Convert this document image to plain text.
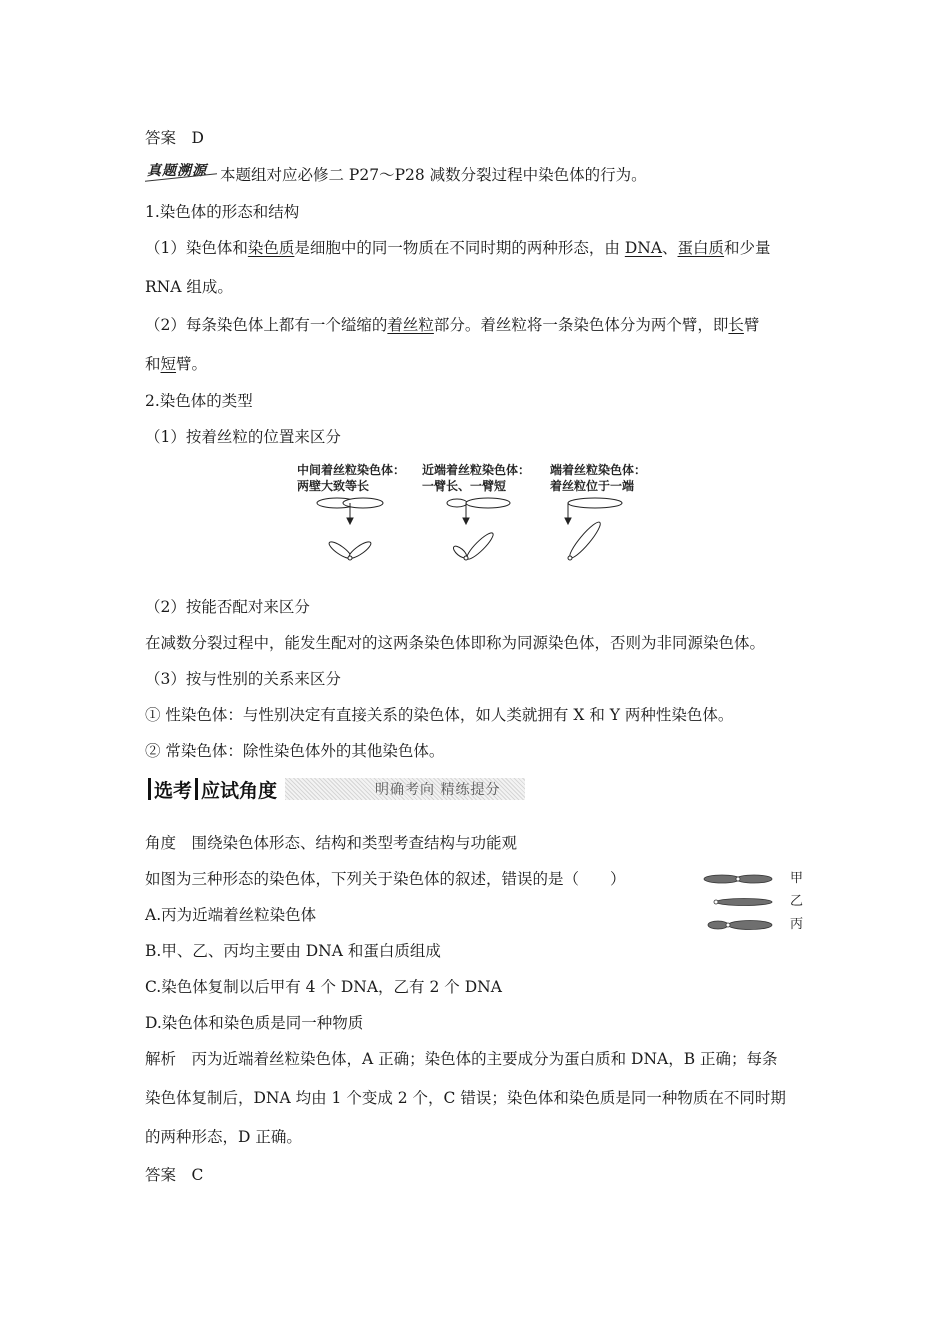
答案　D
真题溯源 本题组对应必修二 P27～P28 减数分裂过程中染色体的行为。
1.染色体的形态和结构
（1）染色体和染色质是细胞中的同一物质在不同时期的两种形态，由 DNA、蛋白质和少量
RNA 组成。
（2）每条染色体上都有一个缢缩的着丝粒部分。着丝粒将一条染色体分为两个臂，即长臂
和短臂。
2.染色体的类型
（1）按着丝粒的位置来区分
中间着丝粒染色体：
两壁大致等长
近端着丝粒染色体：
一臂长、一臂短
端着丝粒染色体：
着丝粒位于一端
（2）按能否配对来区分
在减数分裂过程中，能发生配对的这两条染色体即称为同源染色体，否则为非同源染色体。
（3）按与性别的关系来区分
① 性染色体：与性别决定有直接关系的染色体，如人类就拥有 X 和 Y 两种性染色体。
② 常染色体：除性染色体外的其他染色体。
选考 应试角度	明确考向 精练提分
角度　围绕染色体形态、结构和类型考查结构与功能观
如图为三种形态的染色体，下列关于染色体的叙述，错误的是（　　）
A.丙为近端着丝粒染色体
B.甲、乙、丙均主要由 DNA 和蛋白质组成
C.染色体复制以后甲有 4 个 DNA，乙有 2 个 DNA
D.染色体和染色质是同一种物质
甲
乙
丙
解析　丙为近端着丝粒染色体，A 正确；染色体的主要成分为蛋白质和 DNA，B 正确；每条
染色体复制后，DNA 均由 1 个变成 2 个，C 错误；染色体和染色质是同一种物质在不同时期
的两种形态，D 正确。
答案　C
